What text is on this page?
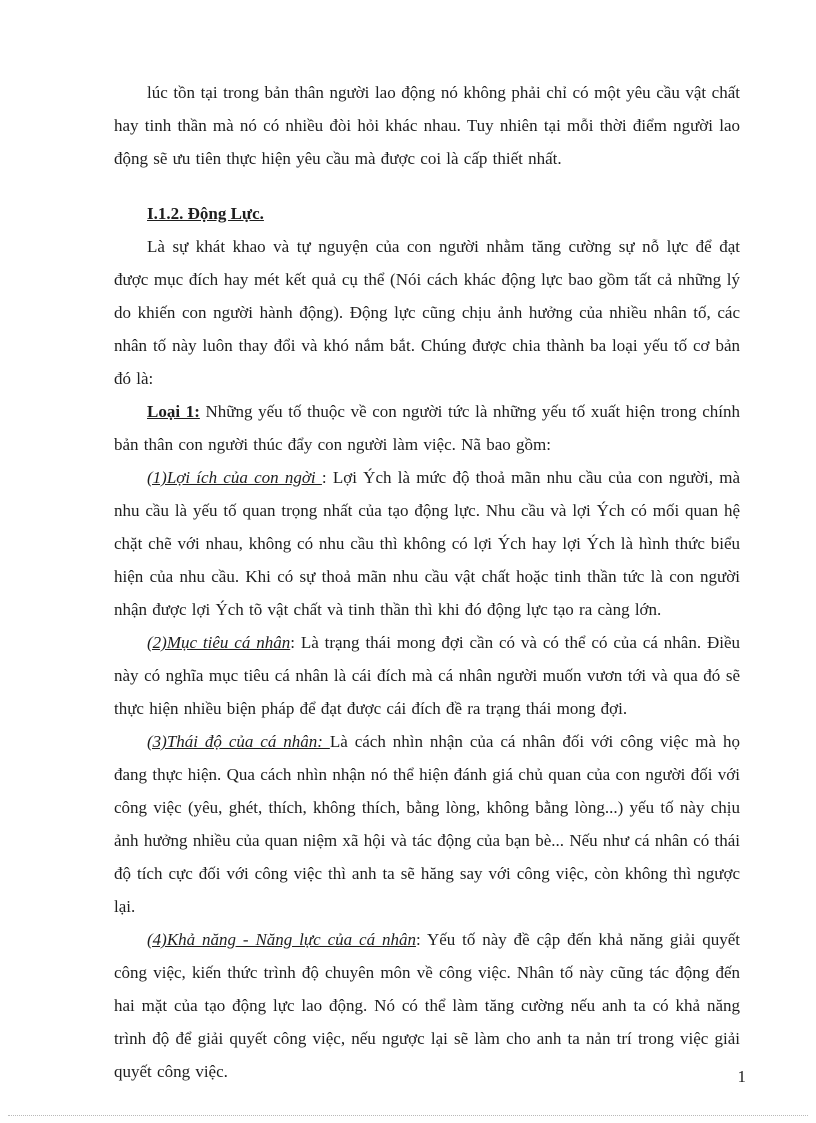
lúc tồn tại trong bản thân người lao động nó không phải chỉ có một yêu cầu vật chất hay tinh thần mà nó có nhiều đòi hỏi khác nhau. Tuy nhiên tại mỗi thời điểm người lao động sẽ ưu tiên thực hiện yêu cầu mà được coi là cấp thiết nhất.

I.1.2. Động Lực.

Là sự khát khao và tự nguyện của con người nhằm tăng cường sự nỗ lực để đạt được mục đích hay mét kết quả cụ thể (Nói cách khác động lực bao gồm tất cả những lý do khiến con người hành động). Động lực cũng chịu ảnh hưởng của nhiều nhân tố, các nhân tố này luôn thay đổi và khó nắm bắt. Chúng được chia thành ba loại yếu tố cơ bản đó là:

Loại 1: Những yếu tố thuộc về con người tức là những yếu tố xuất hiện trong chính bản thân con người thúc đẩy con người làm việc. Nã bao gồm:

(1)Lợi ích của con ngời : Lợi Ých là mức độ thoả mãn nhu cầu của con người, mà nhu cầu là yếu tố quan trọng nhất của tạo động lực. Nhu cầu và lợi Ých có mối quan hệ chặt chẽ với nhau, không có nhu cầu thì không có lợi Ých hay lợi Ých là hình thức biểu hiện của nhu cầu. Khi có sự thoả mãn nhu cầu vật chất hoặc tinh thần tức là con người nhận được lợi Ých tõ vật chất và tinh thần thì khi đó động lực tạo ra càng lớn.

(2)Mục tiêu cá nhân: Là trạng thái mong đợi cần có và có thể có của cá nhân. Điều này có nghĩa mục tiêu cá nhân là cái đích mà cá nhân người muốn vươn tới và qua đó sẽ thực hiện nhiều biện pháp để đạt được cái đích đề ra trạng thái mong đợi.

(3)Thái độ của cá nhân: Là cách nhìn nhận của cá nhân đối với công việc mà họ đang thực hiện. Qua cách nhìn nhận nó thể hiện đánh giá chủ quan của con người đối với công việc (yêu, ghét, thích, không thích, bằng lòng, không bằng lòng...) yếu tố này chịu ảnh hưởng nhiều của quan niệm xã hội và tác động của bạn bè... Nếu như cá nhân có thái độ tích cực đối với công việc thì anh ta sẽ hăng say với công việc, còn không thì ngược lại.

(4)Khả năng - Năng lực của cá nhân: Yếu tố này đề cập đến khả năng giải quyết công việc, kiến thức trình độ chuyên môn về công việc. Nhân tố này cũng tác động đến hai mặt của tạo động lực lao động. Nó có thể làm tăng cường nếu anh ta có khả năng trình độ để giải quyết công việc, nếu ngược lại sẽ làm cho anh ta nản trí trong việc giải quyết công việc.	1
